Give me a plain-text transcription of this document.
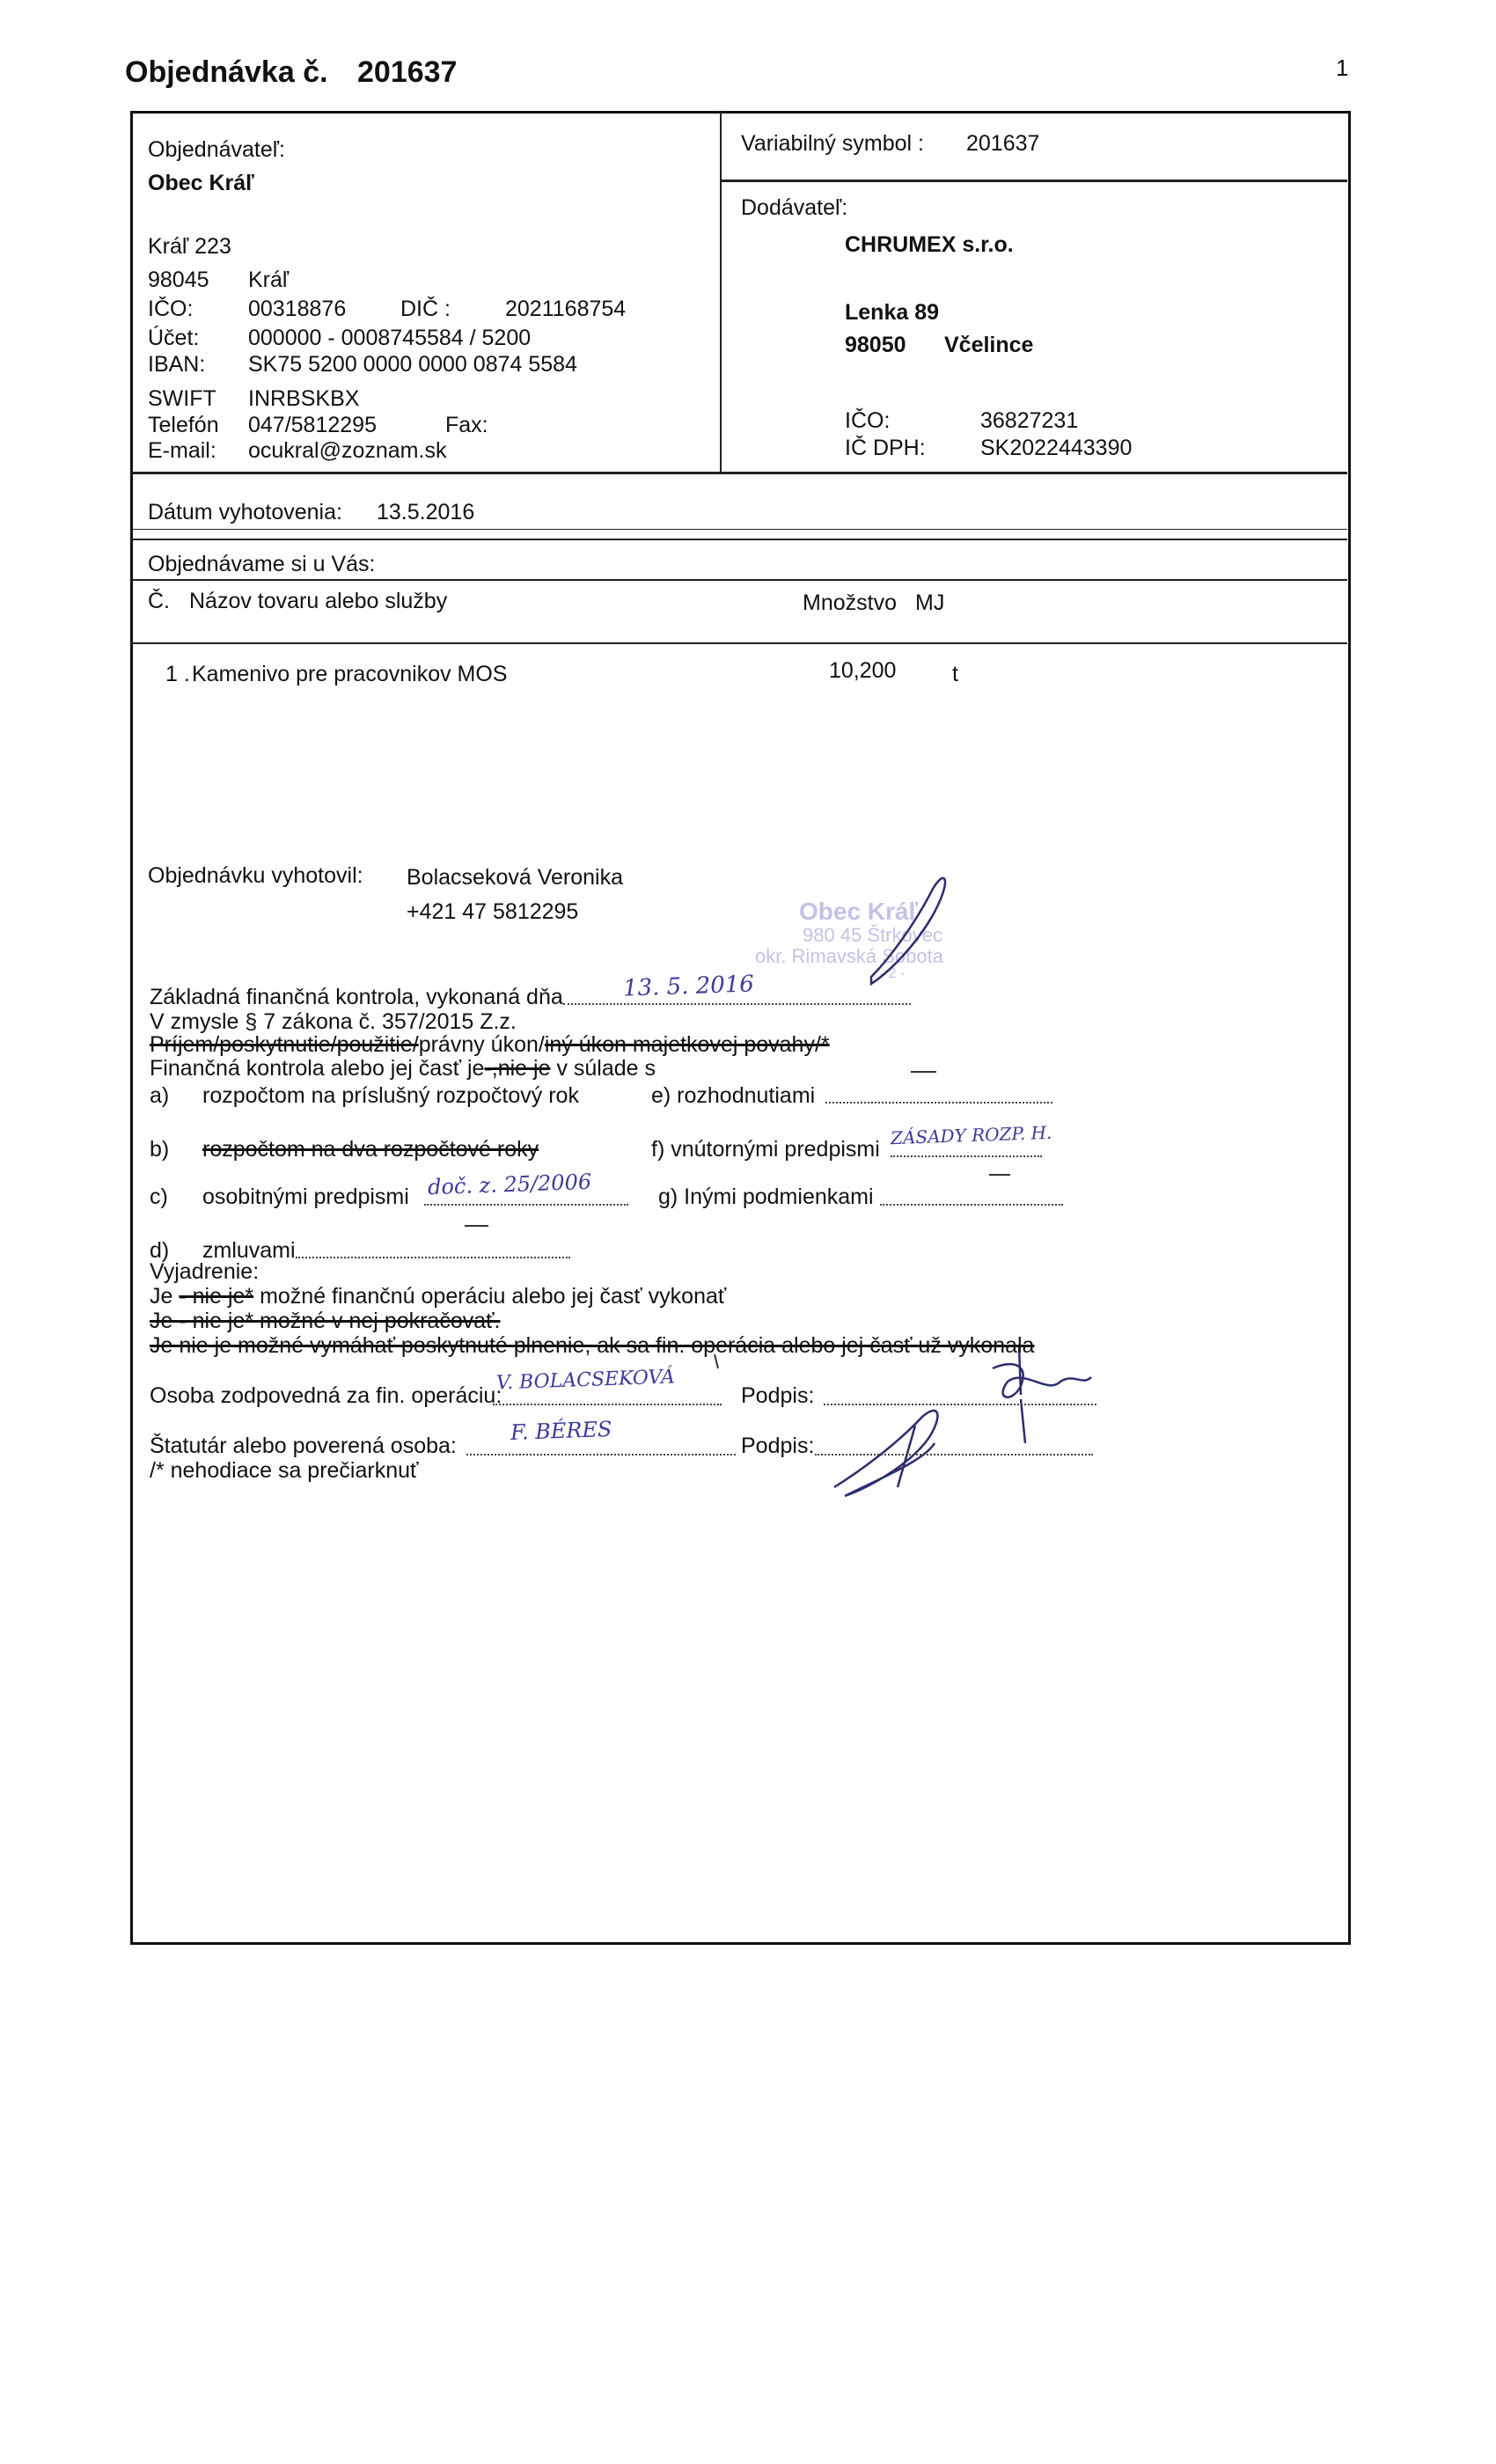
Objednávka č. 201637	1
Objednávateľ:
Obec Kráľ
Kráľ 223
98045 Kráľ
IČO:	00318876 DIČ : 2021168754
Účet: 000000 - 0008745584 / 5200
IBAN: SK75 5200 0000 0000 0874 5584
SWIFT INRBSKBX
Telefón 047/5812295	Fax:
E-mail: ocukral@zoznam.sk
Variabilný symbol : 201637
Dodávateľ:
CHRUMEX s.r.o.
Lenka 89
98050 Včelince
IČO:	36827231
IČ DPH: SK2022443390
Dátum vyhotovenia: 13.5.2016
Objednávame si u Vás:
Č. Názov tovaru alebo služby	Množstvo MJ
1 . Kamenivo pre pracovnikov MOS	10,200	t
Objednávku vyhotovil: Bolacseková Veronika
+421 47 5812295	Obec Kráľ
980 45 Štrkovec
okr. Rimavská Sobota
- 2 -
Základná finančná kontrola, vykonaná dňa	13. 5. 2016
V zmysle § 7 zákona č. 357/2015 Z.z.
Príjem/poskytnutie/použitie/právny úkon/iný úkon majetkovej povahy/*
Finančná kontrola alebo jej časť je-,nie je v súlade s
a) rozpočtom na príslušný rozpočtový rok	e) rozhodnutiami
b) rozpočtom na dva rozpočtové roky	f) vnútornými predpismi
ZÁSADY ROZP. H.
c) osobitnými predpismi doč. z. 25/2006	g) Inými podmienkami
d) zmluvami
Vyjadrenie:
Je - nie je* možné finančnú operáciu alebo jej časť vykonať
Je - nie je* možné v nej pokračovať.
Je nie je možné vymáhať poskytnuté plnenie, ak sa fin. operácia alebo jej časť už vykonala
Osoba zodpovedná za fin. operáciu:
V. BOLACSEKOVÁ
Podpis:
Štatutár alebo poverená osoba:
F. BÉRES
Podpis:
/* nehodiace sa prečiarknuť
